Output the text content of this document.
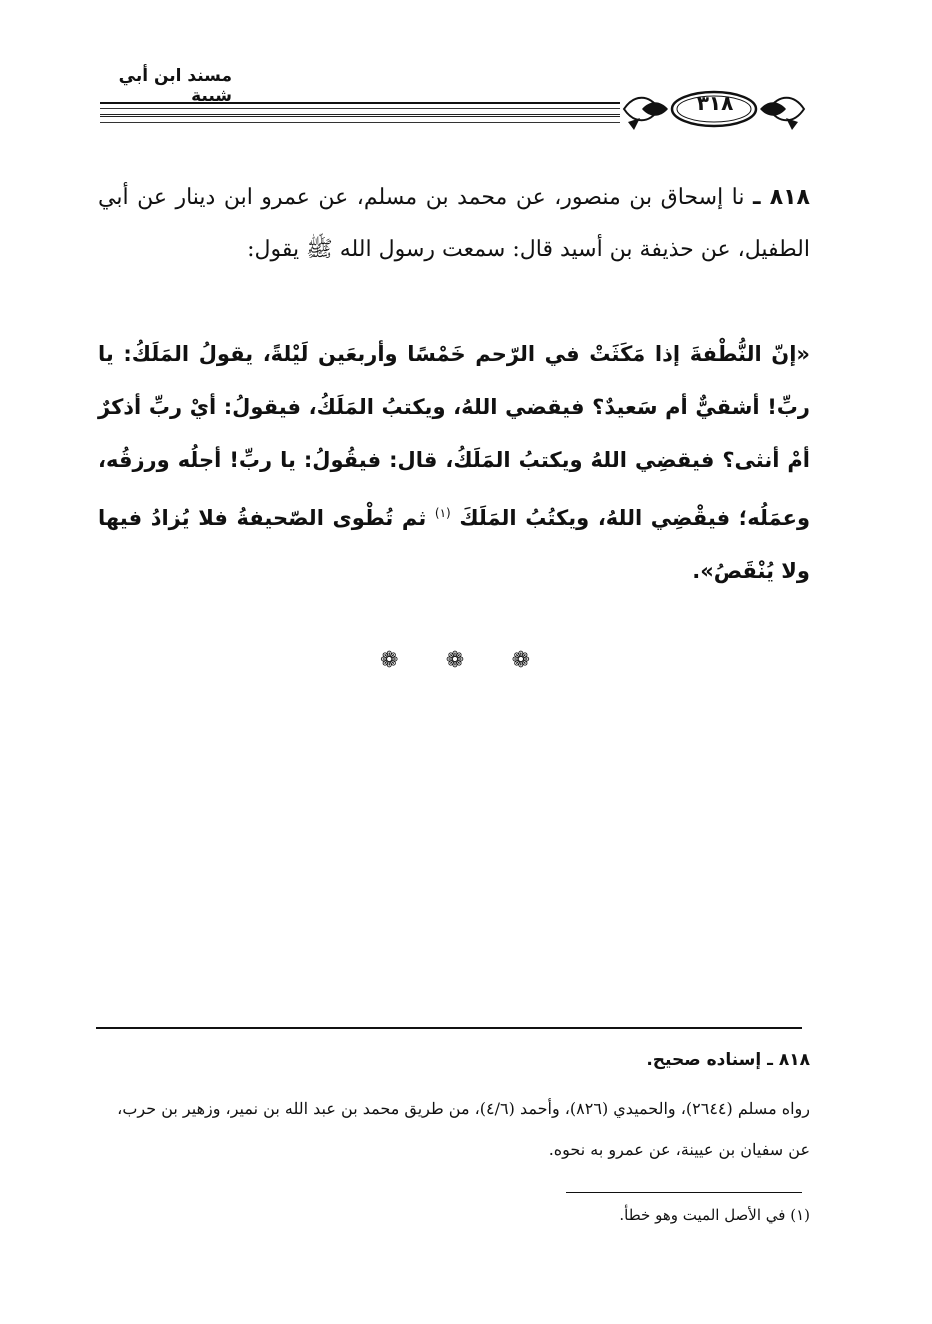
مسند ابن أبي شيبة	٣١٨
٨١٨ ـ نا إسحاق بن منصور، عن محمد بن مسلم، عن عمرو ابن دينار عن أبي الطفيل، عن حذيفة بن أسيد قال: سمعت رسول الله ﷺ يقول:
«إنّ النُّطْفةَ إذا مَكَثَتْ في الرّحم خَمْسًا وأربعَين لَيْلةً، يقولُ المَلَكُ: يا ربِّ! أشقيٌّ أم سَعيدٌ؟ فيقضي اللهُ، ويكتبُ المَلَكُ، فيقولُ: أيْ ربِّ أذكرٌ أمْ أنثى؟ فيقضِي اللهُ ويكتبُ المَلَكُ، قال: فيقُولُ: يا ربِّ! أجلُه ورزقُه، وعمَلُه؛ فيقْضِي اللهُ، ويكتُبُ المَلَكَ $^{(١)}$ ثم تُطْوى الصّحيفةُ فلا يُزادُ فيها ولا يُنْقَصُ».
❁ ❁ ❁
٨١٨ ـ إسناده صحيح.
رواه مسلم (٢٦٤٤)، والحميدي (٨٢٦)، وأحمد (٤/٦)، من طريق محمد بن عبد الله بن نمير، وزهير بن حرب، عن سفيان بن عيينة، عن عمرو به نحوه.
(١) في الأصل الميت وهو خطأ.
